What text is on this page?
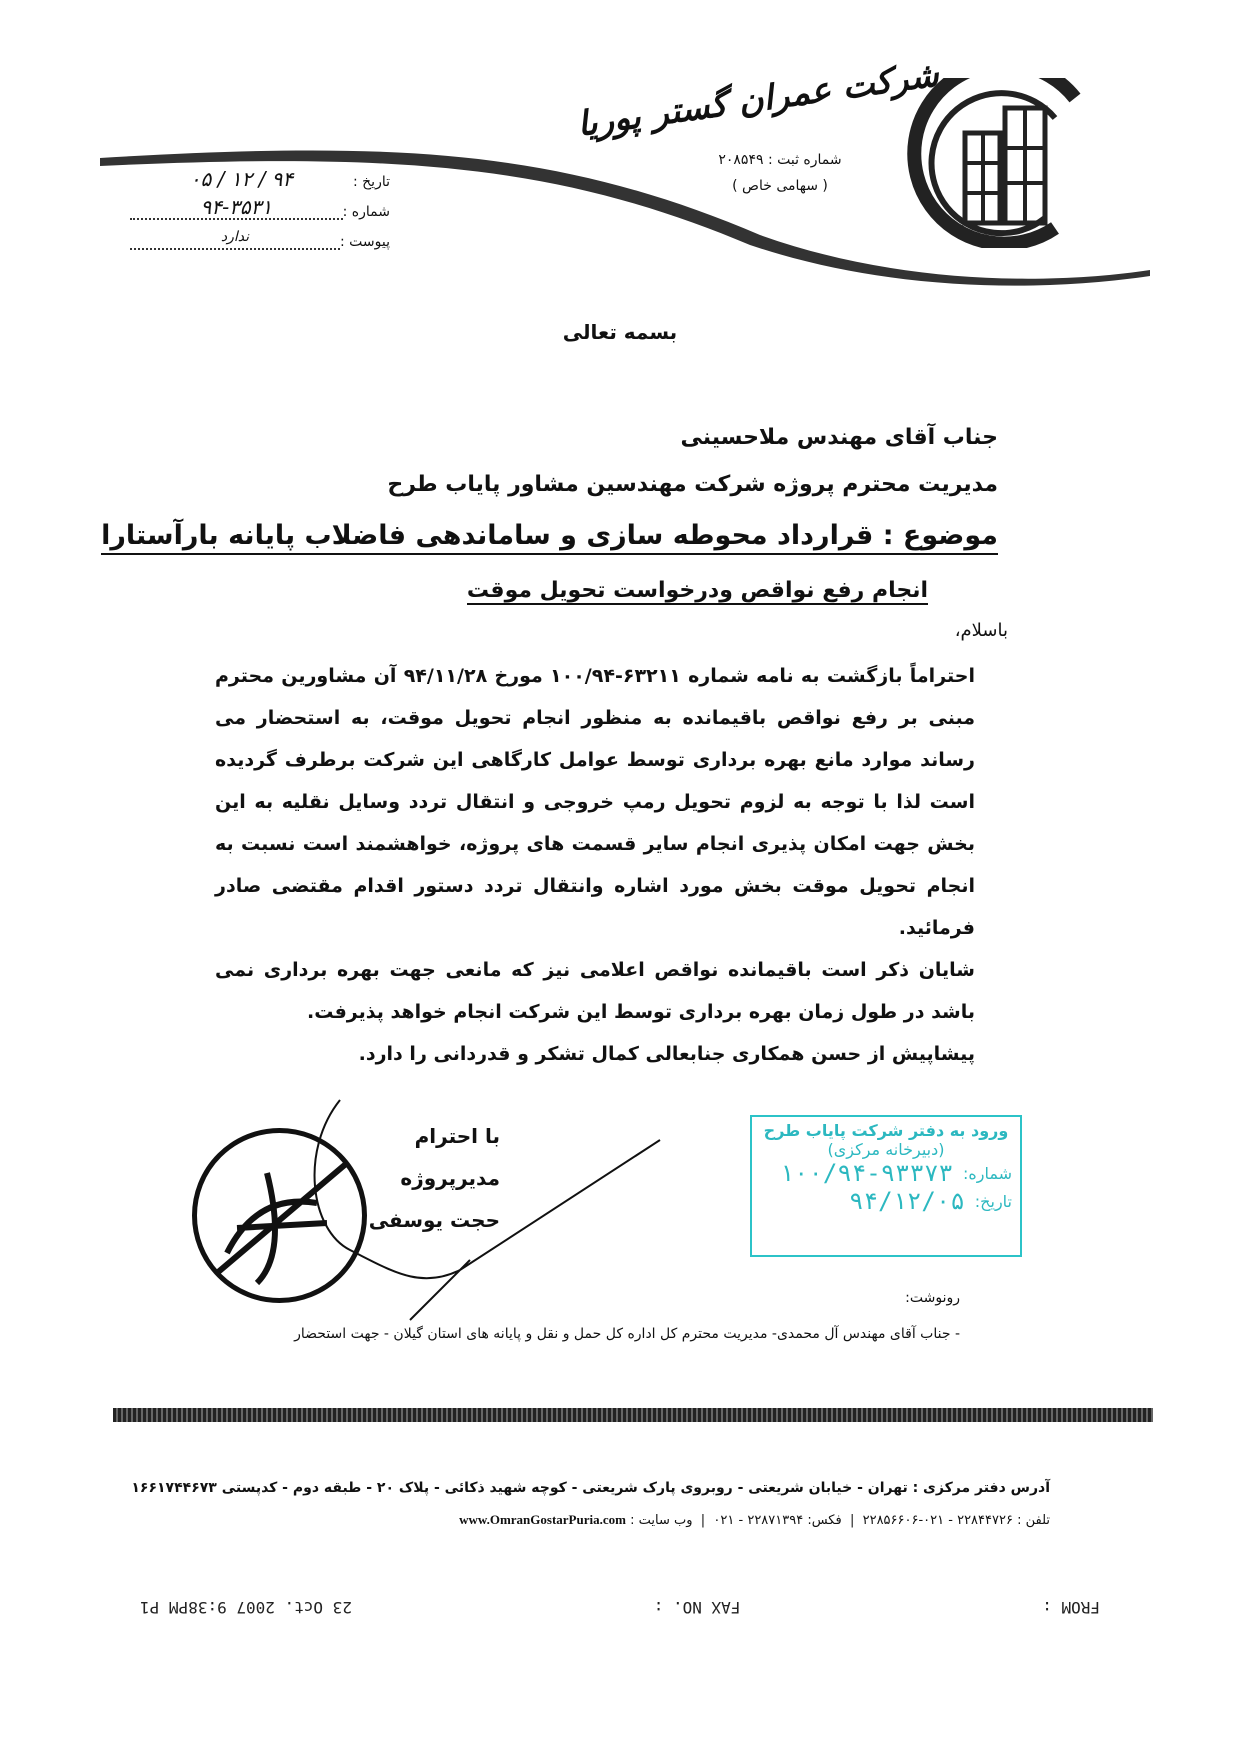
شرکت عمران گستر پوریا
شماره ثبت : ۲۰۸۵۴۹
( سهامی خاص )
تاریخ :
۹۴ / ۱۲ / ۰۵
شماره :
۹۴-۳۵۳۱
پیوست :
ندارد
بسمه تعالی
جناب آقای مهندس ملاحسینی
مدیریت محترم پروژه شرکت مهندسین مشاور پایاب طرح
موضوع : قرارداد محوطه سازی و ساماندهی فاضلاب پایانه بارآستارا
انجام رفع نواقص ودرخواست تحویل موقت
باسلام،

احتراماً بازگشت به نامه شماره ۶۳۲۱۱-۱۰۰/۹۴ مورخ ۹۴/۱۱/۲۸ آن مشاورین محترم مبنی بر رفع نواقص باقیمانده به منظور انجام تحویل موقت، به استحضار می رساند موارد مانع بهره برداری توسط عوامل کارگاهی این شرکت برطرف گردیده است لذا با توجه به لزوم تحویل رمپ خروجی و انتقال تردد وسایل نقلیه به این بخش جهت امکان پذیری انجام سایر قسمت های پروژه، خواهشمند است نسبت به انجام تحویل موقت بخش مورد اشاره وانتقال تردد دستور اقدام مقتضی صادر فرمائید.

شایان ذکر است باقیمانده نواقص اعلامی نیز که مانعی جهت بهره برداری نمی باشد در طول زمان بهره برداری توسط این شرکت انجام خواهد پذیرفت.

پیشاپیش از حسن همکاری جنابعالی کمال تشکر و قدردانی را دارد.

با احترام
مدیرپروژه
حجت یوسفی
ورود به دفتر شرکت پایاب طرح
(دبیرخانه مرکزی)
شماره:
۱۰۰/۹۴-۹۳۳۷۳
تاریخ:
۹۴/۱۲/۰۵
رونوشت:
- جناب آقای مهندس آل محمدی- مدیریت محترم کل اداره کل حمل و نقل و پایانه های استان گیلان - جهت استحضار
آدرس دفتر مرکزی : تهران - خیابان شریعتی - روبروی پارک شریعتی - کوچه شهید ذکائی - پلاک ۲۰ - طبقه دوم - کدپستی ۱۶۶۱۷۴۴۶۷۳
تلفن : ۲۲۸۴۴۷۲۶ - ۰۲۱-۲۲۸۵۶۶۰۶  |  فکس: ۲۲۸۷۱۳۹۴ - ۰۲۱  |  وب سایت : www.OmranGostarPuria.com
FROM :
FAX NO. :
23 Oct. 2007 9:38PM P1
